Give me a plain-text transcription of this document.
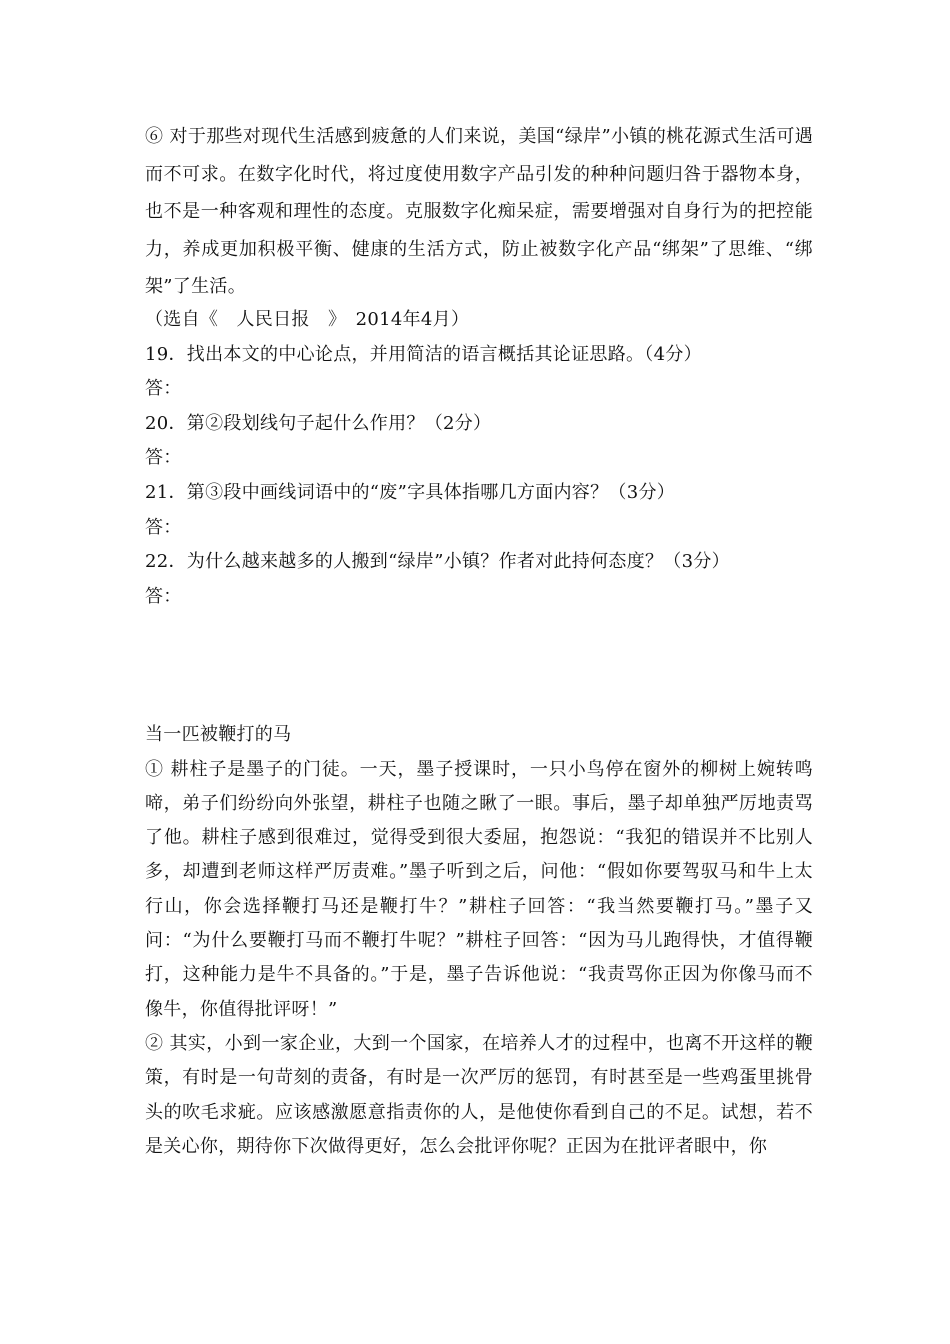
⑥ 对于那些对现代生活感到疲惫的人们来说，美国“绿岸”小镇的桃花源式生活可遇而不可求。在数字化时代，将过度使用数字产品引发的种种问题归咎于器物本身，也不是一种客观和理性的态度。克服数字化痴呆症，需要增强对自身行为的把控能力，养成更加积极平衡、健康的生活方式，防止被数字化产品“绑架”了思维、“绑架”了生活。

（选自《　人民日报　》　2014年4月）

19．找出本文的中心论点，并用简洁的语言概括其论证思路。（4分）

答：

20．第②段划线句子起什么作用？（2分）

答：

21．第③段中画线词语中的“废”字具体指哪几方面内容？（3分）

答：

22．为什么越来越多的人搬到“绿岸”小镇？作者对此持何态度？（3分）

答：

当一匹被鞭打的马

① 耕柱子是墨子的门徒。一天，墨子授课时，一只小鸟停在窗外的柳树上婉转鸣啼，弟子们纷纷向外张望，耕柱子也随之瞅了一眼。事后，墨子却单独严厉地责骂了他。耕柱子感到很难过，觉得受到很大委屈，抱怨说：“我犯的错误并不比别人多，却遭到老师这样严厉责难。”墨子听到之后，问他：“假如你要驾驭马和牛上太行山，你会选择鞭打马还是鞭打牛？”耕柱子回答：“我当然要鞭打马。”墨子又问：“为什么要鞭打马而不鞭打牛呢？”耕柱子回答：“因为马儿跑得快，才值得鞭打，这种能力是牛不具备的。”于是，墨子告诉他说：“我责骂你正因为你像马而不像牛，你值得批评呀！”

② 其实，小到一家企业，大到一个国家，在培养人才的过程中，也离不开这样的鞭策，有时是一句苛刻的责备，有时是一次严厉的惩罚，有时甚至是一些鸡蛋里挑骨头的吹毛求疵。应该感激愿意指责你的人，是他使你看到自己的不足。试想，若不是关心你，期待你下次做得更好，怎么会批评你呢？正因为在批评者眼中，你
